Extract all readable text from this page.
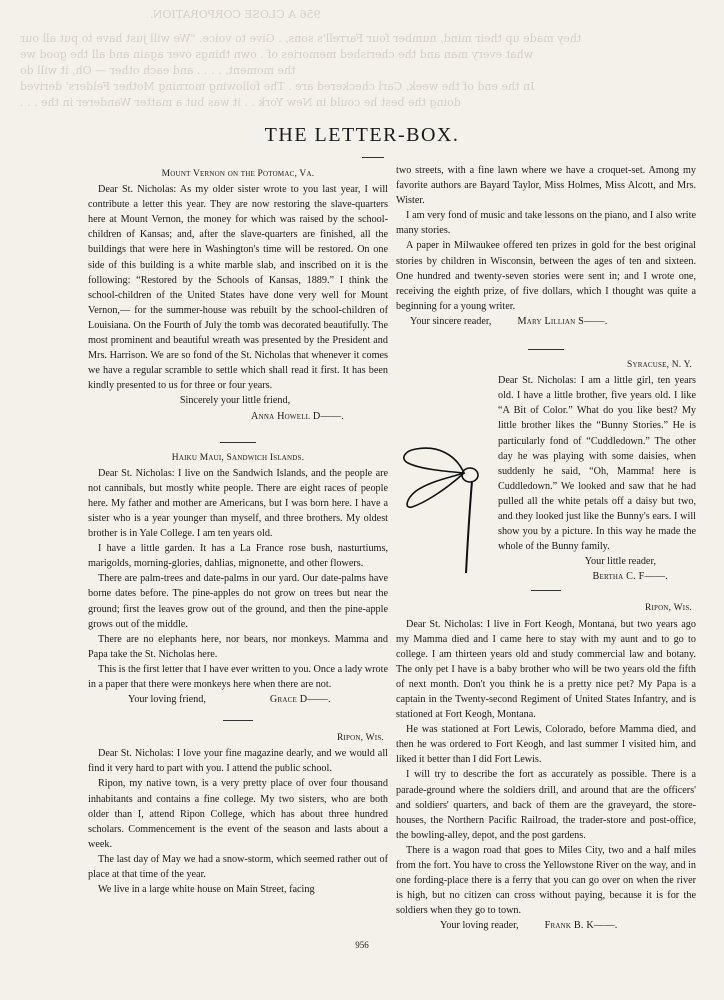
956 A CLOSE CORPORATION.
they made up their mind, number four Farrell's sons, . Give to voice. "We will just have to put all our
what every man and the cherished memories of . own things over again and all the good we
the moment, . . . . and each other — Oh, it will do
In the end of the week, Carl checkered are . The following morning Mother Felders' derived
doing the best he could in New York . . it was but a matter Wanderer in the . . .
THE LETTER-BOX.
Mount Vernon on the Potomac, Va.

Dear St. Nicholas: As my older sister wrote to you last year, I will contribute a letter this year. They are now restoring the slave-quarters here at Mount Vernon, the money for which was raised by the school-children of Kansas; and, after the slave-quarters are finished, all the buildings that were here in Washington's time will be restored. On one side of this building is a white marble slab, and inscribed on it is the following: “Restored by the Schools of Kansas, 1889.” I think the school-children of the United States have done very well for Mount Vernon,— for the summer-house was rebuilt by the school-children of Louisiana. On the Fourth of July the tomb was decorated beautifully. The most prominent and beautiful wreath was presented by the President and Mrs. Harrison. We are so fond of the St. Nicholas that whenever it comes we have a regular scramble to settle which shall read it first. It has been kindly presented to us for three or four years.

Sincerely your little friend,

Anna Howell D——.

Haiku Maui, Sandwich Islands.

Dear St. Nicholas: I live on the Sandwich Islands, and the people are not cannibals, but mostly white people. There are eight races of people here. My father and mother are Americans, but I was born here. I have a sister who is a year younger than myself, and three brothers. My oldest brother is in Yale College. I am ten years old.

I have a little garden. It has a La France rose bush, nasturtiums, marigolds, morning-glories, dahlias, mignonette, and other flowers.

There are palm-trees and date-palms in our yard. Our date-palms have borne dates before. The pine-apples do not grow on trees but near the ground; first the leaves grow out of the ground, and then the pine-apple grows out of the middle.

There are no elephants here, nor bears, nor monkeys. Mamma and Papa take the St. Nicholas here.

This is the first letter that I have ever written to you. Once a lady wrote in a paper that there were monkeys here when there are not.

Your loving friend,	Grace D——.

Ripon, Wis.

Dear St. Nicholas: I love your fine magazine dearly, and we would all find it very hard to part with you. I attend the public school.

Ripon, my native town, is a very pretty place of over four thousand inhabitants and contains a fine college. My two sisters, who are both older than I, attend Ripon College, which has about three hundred scholars. Commencement is the event of the season and lasts about a week.

The last day of May we had a snow-storm, which seemed rather out of place at that time of the year.

We live in a large white house on Main Street, facing

two streets, with a fine lawn where we have a croquet-set. Among my favorite authors are Bayard Taylor, Miss Holmes, Miss Alcott, and Mrs. Wister.

I am very fond of music and take lessons on the piano, and I also write many stories.

A paper in Milwaukee offered ten prizes in gold for the best original stories by children in Wisconsin, between the ages of ten and sixteen. One hundred and twenty-seven stories were sent in; and I wrote one, receiving the eighth prize, of five dollars, which I thought was quite a beginning for a young writer.

Your sincere reader,	Mary Lillian S——.

Syracuse, N. Y.

Dear St. Nicholas: I am a little girl, ten years old. I have a little brother, five years old. I like “A Bit of Color.” What do you like best? My little brother likes the “Bunny Stories.” He is particularly fond of “Cuddledown.” The other day he was playing with some daisies, when suddenly he said, “Oh, Mamma! here is Cuddledown.” We looked and saw that he had pulled all the white petals off a daisy but two, and they looked just like the Bunny's ears. I will show you by a picture. In this way he made the whole of the Bunny family.

Your little reader,

Bertha C. F——.

Ripon, Wis.

Dear St. Nicholas: I live in Fort Keogh, Montana, but two years ago my Mamma died and I came here to stay with my aunt and to go to college. I am thirteen years old and study commercial law and botany. The only pet I have is a baby brother who will be two years old the fifth of next month. Don't you think he is a pretty nice pet? My Papa is a captain in the Twenty-second Regiment of United States Infantry, and is stationed at Fort Keogh, Montana.

He was stationed at Fort Lewis, Colorado, before Mamma died, and then he was ordered to Fort Keogh, and last summer I visited him, and liked it better than I did Fort Lewis.

I will try to describe the fort as accurately as possible. There is a parade-ground where the soldiers drill, and around that are the officers' and soldiers' quarters, and back of them are the graveyard, the store-houses, the Northern Pacific Railroad, the trader-store and post-office, the bowling-alley, depot, and the post gardens.

There is a wagon road that goes to Miles City, two and a half miles from the fort. You have to cross the Yellowstone River on the way, and in one fording-place there is a ferry that you can go over on when the river is high, but no citizen can cross without paying, because it is for the soldiers when they go to town.

Your loving reader,	Frank B. K——.

956
